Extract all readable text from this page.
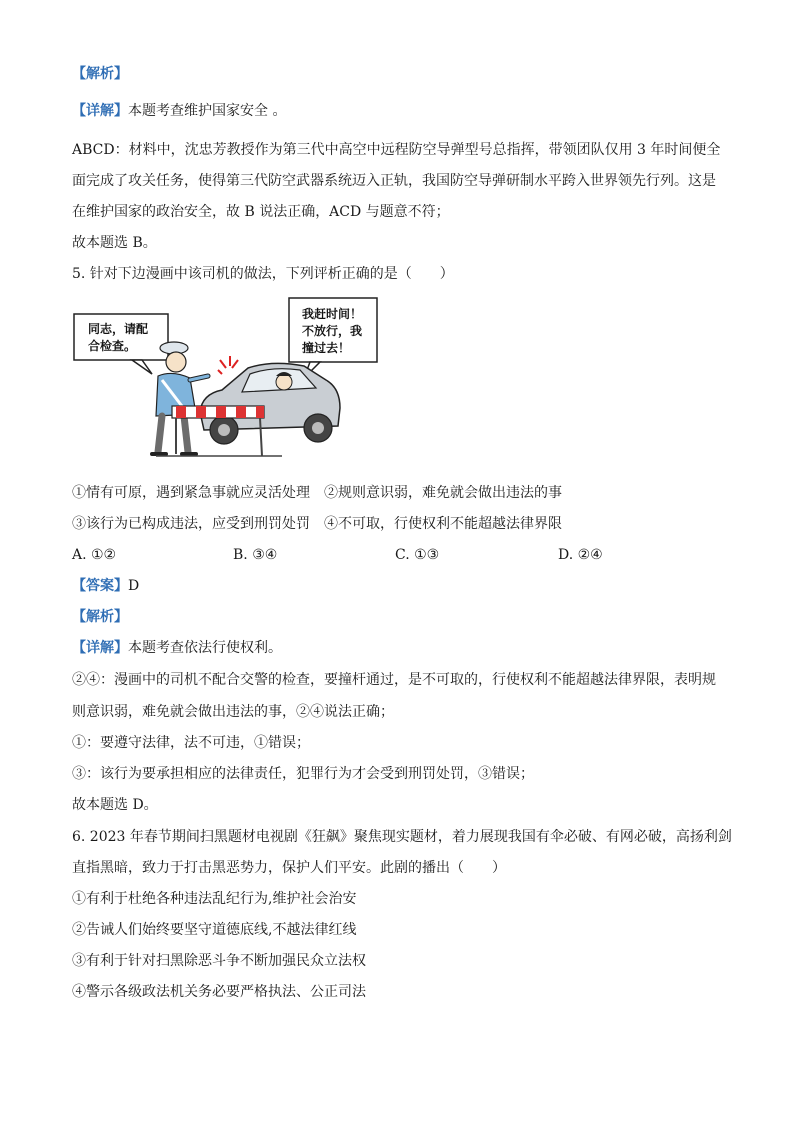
【解析】
【详解】本题考查维护国家安全 。
ABCD：材料中，沈忠芳教授作为第三代中高空中远程防空导弹型号总指挥，带领团队仅用 3 年时间便全
面完成了攻关任务，使得第三代防空武器系统迈入正轨，我国防空导弹研制水平跨入世界领先行列。这是
在维护国家的政治安全，故 B 说法正确，ACD 与题意不符；
故本题选 B。
5. 针对下边漫画中该司机的做法，下列评析正确的是（　　）
同志，请配
合检查。
我赶时间！
不放行，我
撞过去！
①情有可原，遇到紧急事就应灵活处理　②规则意识弱，难免就会做出违法的事
③该行为已构成违法，应受到刑罚处罚　④不可取，行使权利不能超越法律界限
A. ①②	B. ③④	C. ①③	D. ②④
【答案】D
【解析】
【详解】本题考查依法行使权利。
②④：漫画中的司机不配合交警的检查，要撞杆通过，是不可取的，行使权利不能超越法律界限，表明规
则意识弱，难免就会做出违法的事，②④说法正确；
①：要遵守法律，法不可违，①错误；
③：该行为要承担相应的法律责任，犯罪行为才会受到刑罚处罚，③错误；
故本题选 D。
6. 2023 年春节期间扫黑题材电视剧《狂飙》聚焦现实题材，着力展现我国有伞必破、有网必破，高扬利剑
直指黑暗，致力于打击黑恶势力，保护人们平安。此剧的播出（　　）
①有利于杜绝各种违法乱纪行为,维护社会治安
②告诫人们始终要坚守道德底线,不越法律红线
③有利于针对扫黑除恶斗争不断加强民众立法权
④警示各级政法机关务必要严格执法、公正司法
